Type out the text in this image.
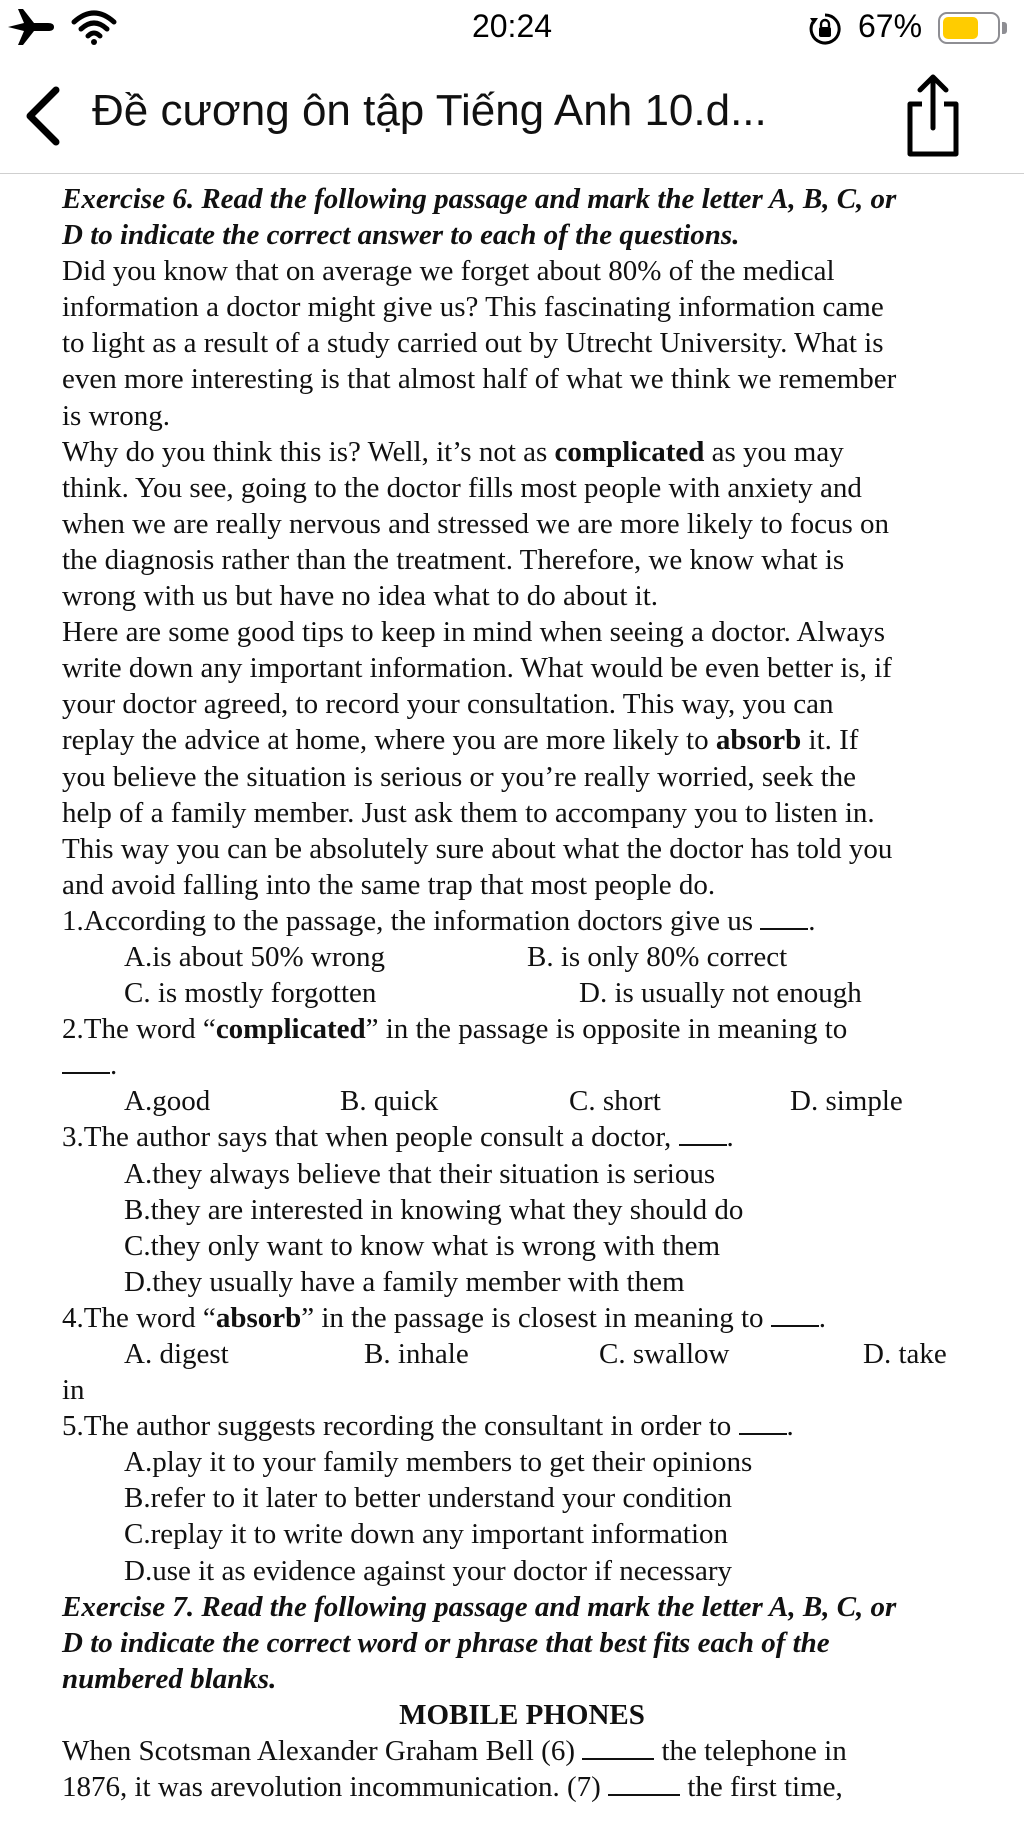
20:24	67%
Đề cương ôn tập Tiếng Anh 10.d...
Exercise 6. Read the following passage and mark the letter A, B, C, or
D to indicate the correct answer to each of the questions.
Did you know that on average we forget about 80% of the medical
information a doctor might give us? This fascinating information came
to light as a result of a study carried out by Utrecht University. What is
even more interesting is that almost half of what we think we remember
is wrong.
Why do you think this is? Well, it’s not as complicated as you may
think. You see, going to the doctor fills most people with anxiety and
when we are really nervous and stressed we are more likely to focus on
the diagnosis rather than the treatment. Therefore, we know what is
wrong with us but have no idea what to do about it.
Here are some good tips to keep in mind when seeing a doctor. Always
write down any important information. What would be even better is, if
your doctor agreed, to record your consultation. This way, you can
replay the advice at home, where you are more likely to absorb it. If
you believe the situation is serious or you’re really worried, seek the
help of a family member. Just ask them to accompany you to listen in.
This way you can be absolutely sure about what the doctor has told you
and avoid falling into the same trap that most people do.
1.According to the passage, the information doctors give us .
A.is about 50% wrong	B. is only 80% correct
C. is mostly forgotten	D. is usually not enough
2.The word “complicated” in the passage is opposite in meaning to
.
A.good	B. quick	C. short	D. simple
3.The author says that when people consult a doctor, .
A.they always believe that their situation is serious
B.they are interested in knowing what they should do
C.they only want to know what is wrong with them
D.they usually have a family member with them
4.The word “absorb” in the passage is closest in meaning to .
A. digest	B. inhale	C. swallow	D. take
in
5.The author suggests recording the consultant in order to .
A.play it to your family members to get their opinions
B.refer to it later to better understand your condition
C.replay it to write down any important information
D.use it as evidence against your doctor if necessary
Exercise 7. Read the following passage and mark the letter A, B, C, or
D to indicate the correct word or phrase that best fits each of the
numbered blanks.
MOBILE PHONES
When Scotsman Alexander Graham Bell (6)	the telephone in
1876, it was arevolution incommunication. (7)	the first time,
